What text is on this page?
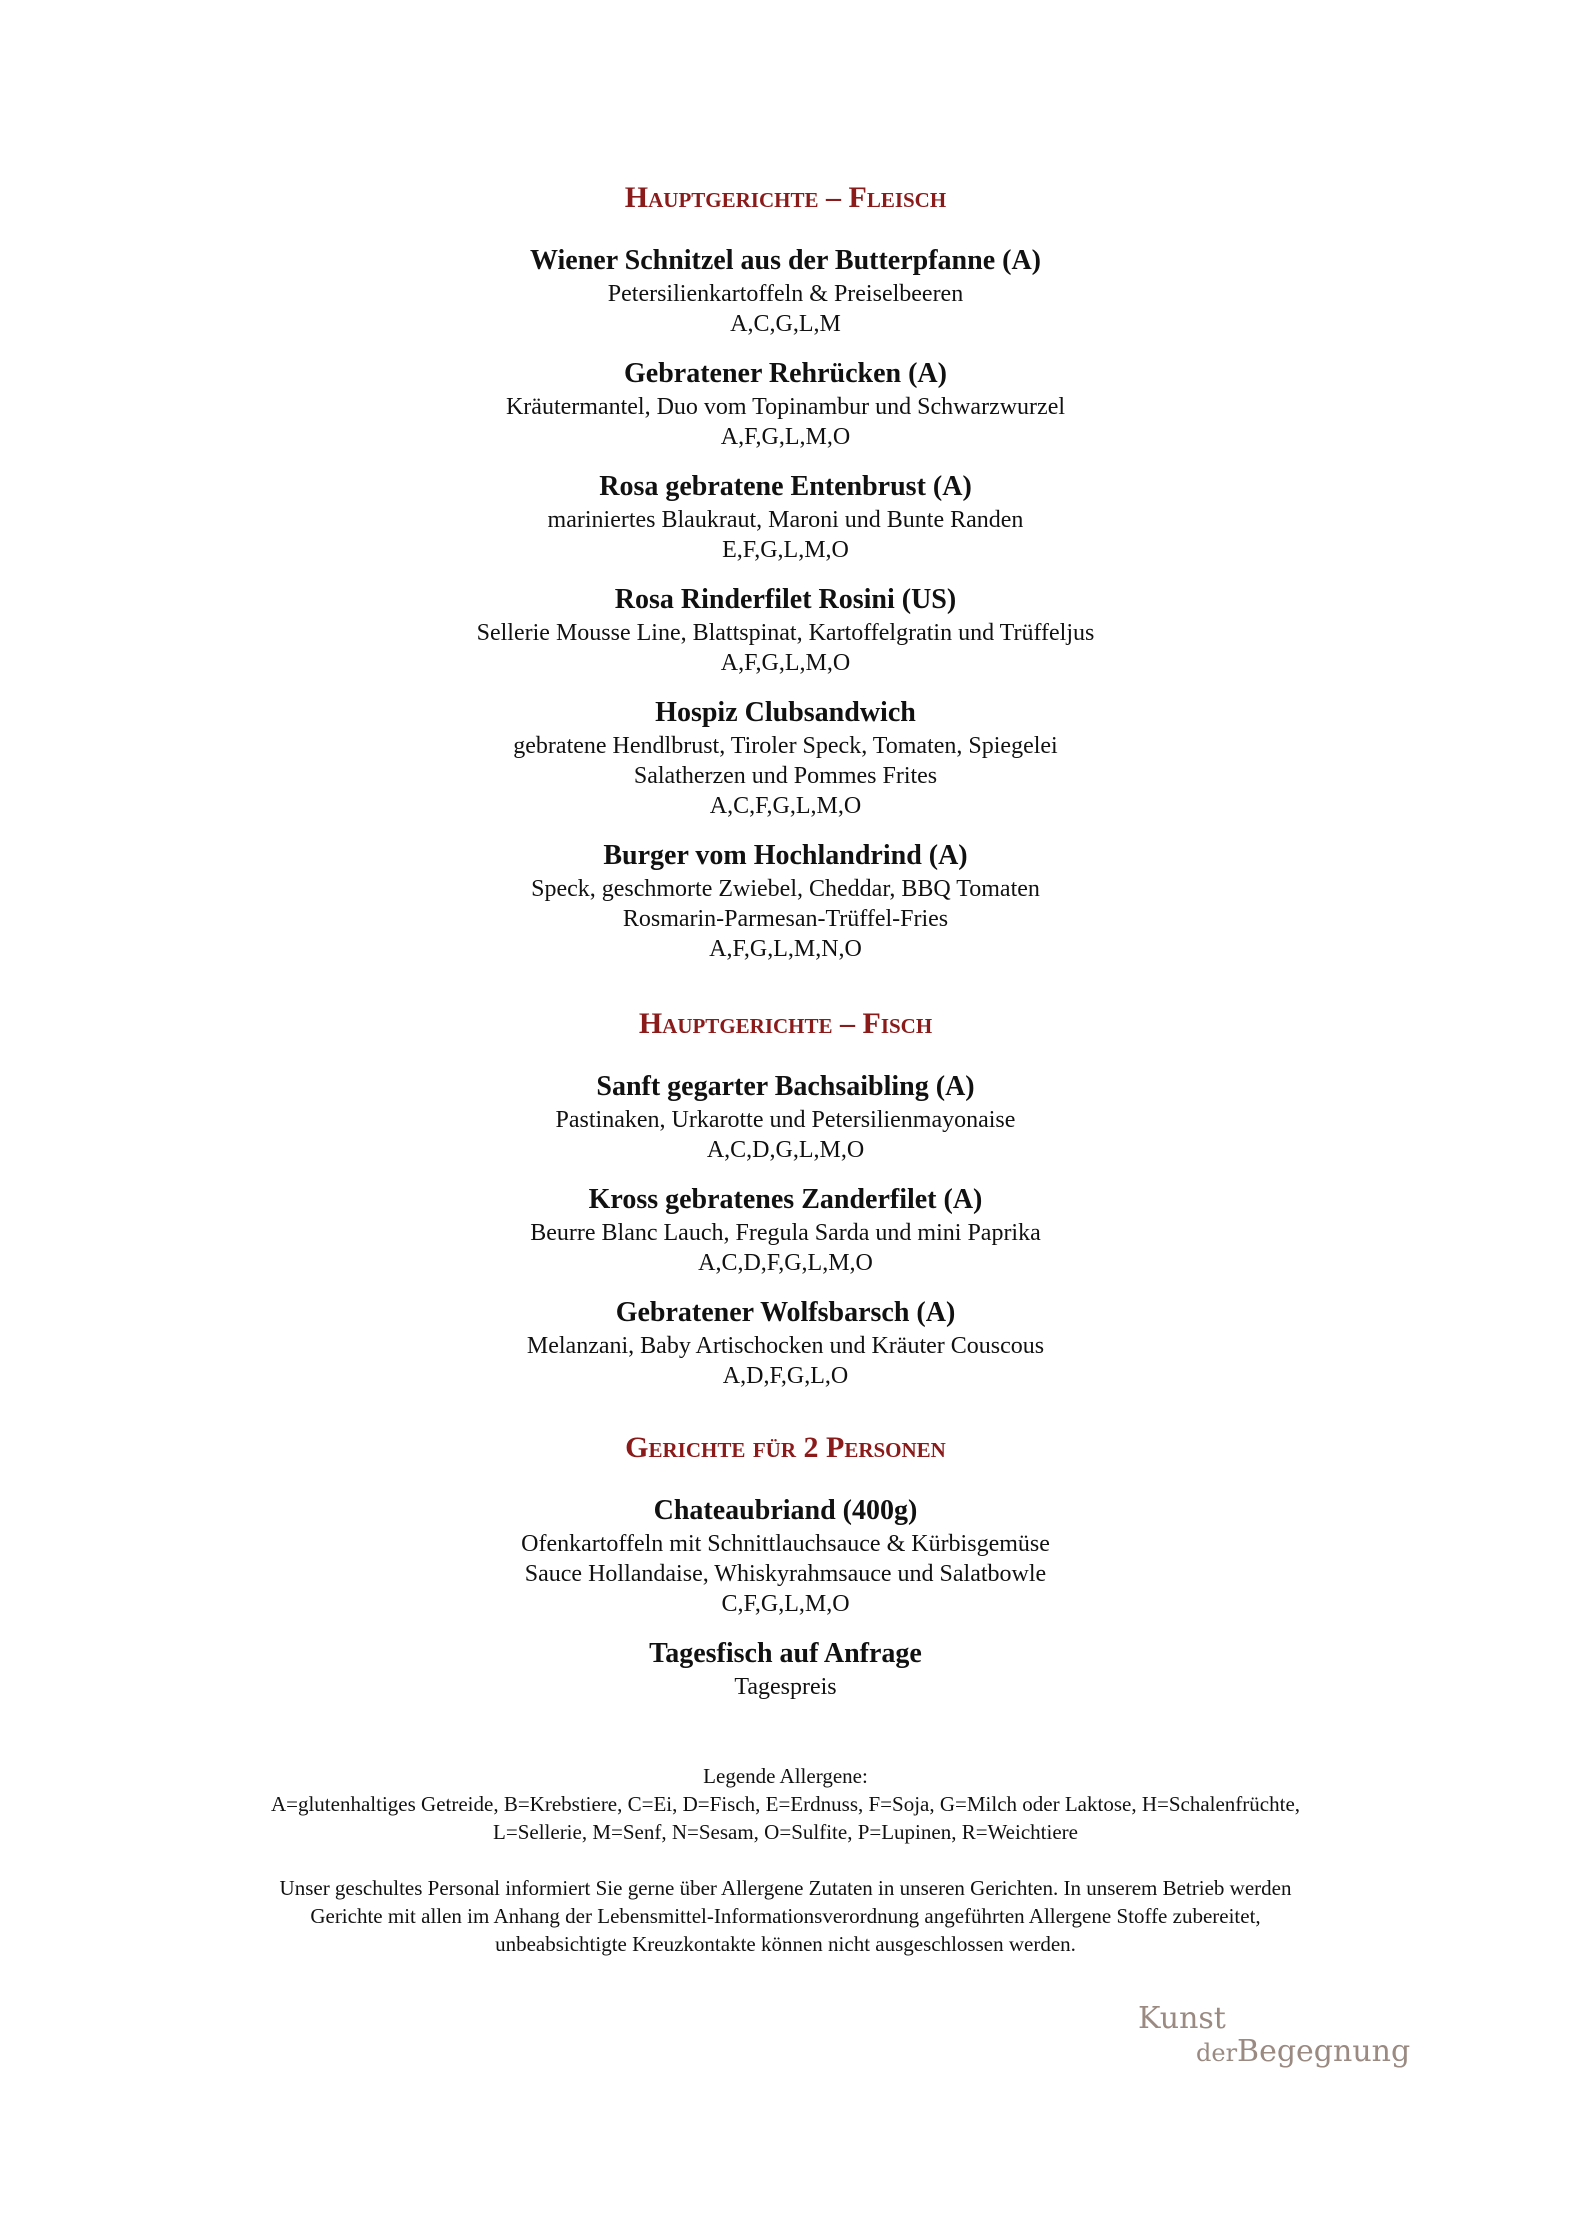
Hauptgerichte – Fleisch
Wiener Schnitzel aus der Butterpfanne (A)
Petersilienkartoffeln & Preiselbeeren
A,C,G,L,M
Gebratener Rehrücken (A)
Kräutermantel, Duo vom Topinambur und Schwarzwurzel
A,F,G,L,M,O
Rosa gebratene Entenbrust (A)
mariniertes Blaukraut, Maroni und Bunte Randen
E,F,G,L,M,O
Rosa Rinderfilet Rosini (US)
Sellerie Mousse Line, Blattspinat, Kartoffelgratin und Trüffeljus
A,F,G,L,M,O
Hospiz Clubsandwich
gebratene Hendlbrust, Tiroler Speck, Tomaten, Spiegelei
Salatherzen und Pommes Frites
A,C,F,G,L,M,O
Burger vom Hochlandrind (A)
Speck, geschmorte Zwiebel, Cheddar, BBQ Tomaten
Rosmarin-Parmesan-Trüffel-Fries
A,F,G,L,M,N,O
Hauptgerichte – Fisch
Sanft gegarter Bachsaibling (A)
Pastinaken, Urkarotte und Petersilienmayonaise
A,C,D,G,L,M,O
Kross gebratenes Zanderfilet (A)
Beurre Blanc Lauch, Fregula Sarda und mini Paprika
A,C,D,F,G,L,M,O
Gebratener Wolfsbarsch (A)
Melanzani, Baby Artischocken und Kräuter Couscous
A,D,F,G,L,O
Gerichte für 2 Personen
Chateaubriand (400g)
Ofenkartoffeln mit Schnittlauchsauce & Kürbisgemüse
Sauce Hollandaise, Whiskyrahmsauce und Salatbowle
C,F,G,L,M,O
Tagesfisch auf Anfrage
Tagespreis
Legende Allergene:
A=glutenhaltiges Getreide, B=Krebstiere, C=Ei, D=Fisch, E=Erdnuss, F=Soja, G=Milch oder Laktose, H=Schalenfrüchte,
L=Sellerie, M=Senf, N=Sesam, O=Sulfite, P=Lupinen, R=Weichtiere
Unser geschultes Personal informiert Sie gerne über Allergene Zutaten in unseren Gerichten. In unserem Betrieb werden
Gerichte mit allen im Anhang der Lebensmittel-Informationsverordnung angeführten Allergene Stoffe zubereitet,
unbeabsichtigte Kreuzkontakte können nicht ausgeschlossen werden.
Kunst
derBegegnung
